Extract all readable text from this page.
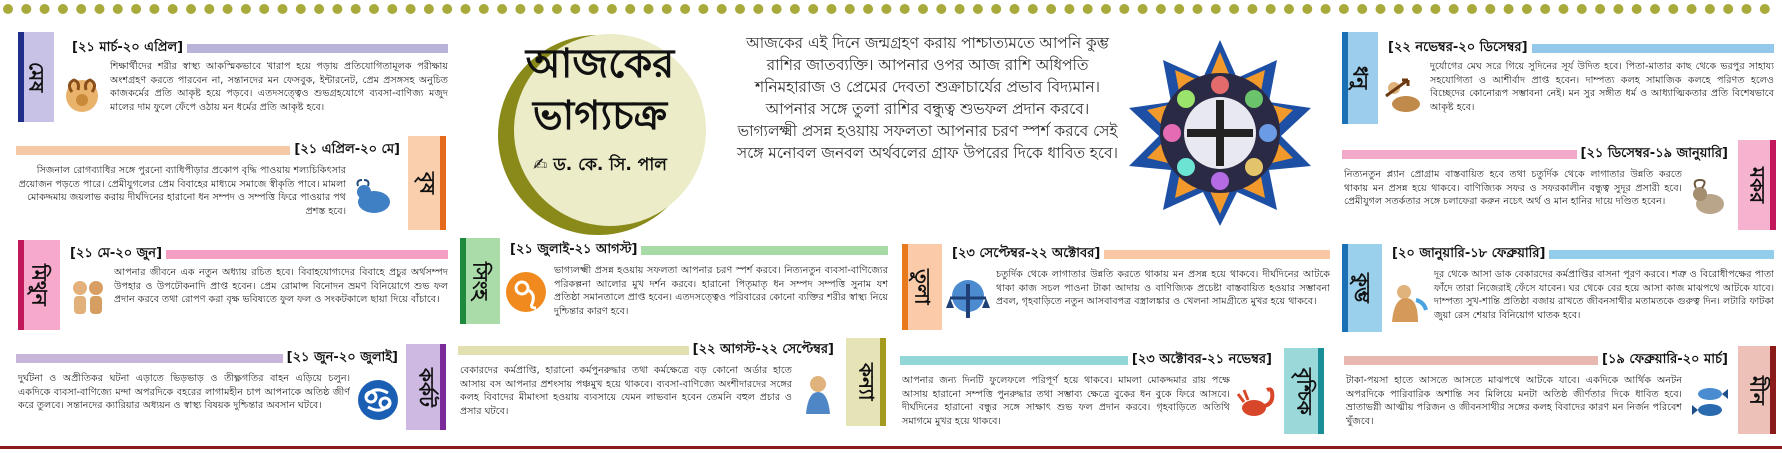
মেষ
[২১ মার্চ-২০ এপ্রিল]
শিক্ষার্থীদের শরীর স্বাস্থ্য আকস্মিকভাবে খারাপ হয়ে পড়ায় প্রতিযোগিতামূলক পরীক্ষায় অংশগ্রহণ করতে পারবেন না, সন্তানদের মন ফেসবুক, ইন্টারনেট, প্রেম প্রসঙ্গসহ অনুচিত কাজকর্মের প্রতি আকৃষ্ট হয়ে পড়বে। এতদসত্ত্বেও শুভগ্রহযোগে ব্যবসা-বাণিজ্য মজুদ মালের দাম ফুলে ফেঁপে ওঠায় মন ধর্মের প্রতি আকৃষ্ট হবে।
[২১ এপ্রিল-২০ মে]
বৃষ
সিজনাল রোগব্যাধির সঙ্গে পুরনো ব্যাধিপীড়ার প্রকোপ বৃদ্ধি পাওয়ায় শল্যচিকিৎসার প্রয়োজন পড়তে পারে। প্রেমীযুগলের প্রেম বিবাহের মাধ্যমে সমাজে স্বীকৃতি পাবে। মামলা মোকদ্দমায় জয়লাভ করায় দীর্ঘদিনের হারানো ধন সম্পদ ও সম্পত্তি ফিরে পাওয়ার পথ প্রশস্ত হবে।
মিথুন
[২১ মে-২০ জুন]
আপনার জীবনে এক নতুন অধ্যায় রচিত হবে। বিবাহযোগ্যদের বিবাহে প্রচুর অর্থসম্পদ উপহার ও উপঢৌকনাদি প্রাপ্ত হবেন। প্রেম রোমান্স বিনোদন ভ্রমণ বিনিয়োগে শুভ ফল প্রদান করবে তথা রোপণ করা বৃক্ষ ভবিষ্যতে ফুল ফল ও সংকটকালে ছায়া দিয়ে বাঁচাবে।
[২১ জুন-২০ জুলাই]
কর্কট
দুর্ঘটনা ও অপ্রীতিকর ঘটনা এড়াতে ভিড়ভাড় ও তীক্ষ্ণগতির বাহন এড়িয়ে চলুন। একদিকে ব্যবসা-বাণিজ্যে মন্দা অপরদিকে বহরের লাগামহীন চাপ আপনাকে অতিষ্ঠ জীর্ণ করে তুলবে। সন্তানদের ক্যারিয়ার অধ্যয়ন ও স্বাস্থ্য বিষয়ক দুশ্চিন্তার অবসান ঘটবে।
আজকের
ভাগ্যচক্র
✍ ড. কে. সি. পাল
আজকের এই দিনে জন্মগ্রহণ করায় পাশ্চাত্যমতে আপনি কুম্ভ রাশির জাতব্যক্তি। আপনার ওপর আজ রাশি অধিপতি শনিমহারাজ ও প্রেমের দেবতা শুক্রাচার্যের প্রভাব বিদ্যমান। আপনার সঙ্গে তুলা রাশির বন্ধুত্ব শুভফল প্রদান করবে। ভাগ্যলক্ষ্মী প্রসন্ন হওয়ায় সফলতা আপনার চরণ স্পর্শ করবে সেই সঙ্গে মনোবল জনবল অর্থবলের গ্রাফ উপরের দিকে ধাবিত হবে।
সিংহ
[২১ জুলাই-২১ আগস্ট]
ভাগ্যলক্ষ্মী প্রসন্ন হওয়ায় সফলতা আপনার চরণ স্পর্শ করবে। নিত্যনতুন ব্যবসা-বাণিজ্যের পরিকল্পনা আলোর মুখ দর্শন করবে। হারানো পিতৃমাতৃ ধন সম্পদ সম্পত্তি সুনাম যশ প্রতিষ্ঠা সমানতালে প্রাপ্ত হবেন। এতদসত্ত্বেও পরিবারের কোনো ব্যক্তির শরীর স্বাস্থ্য নিয়ে দুশ্চিন্তার কারণ হবে।
[২২ আগস্ট-২২ সেপ্টেম্বর]
কন্যা
বেকারদের কর্মপ্রাপ্তি, হারানো কর্মপুনরুদ্ধার তথা কর্মক্ষেত্রে বড় কোনো অর্ডার হাতে আসায় বস আপনার প্রশংসায় পঞ্চমুখ হয়ে থাকবে। ব্যবসা-বাণিজ্যে অংশীদারদের সঙ্গের কলহ বিবাদের মীমাংসা হওয়ায় ব্যবসায়ে যেমন লাভবান হবেন তেমনি বহুল প্রচার ও প্রসার ঘটবে।
তুলা
[২৩ সেপ্টেম্বর-২২ অক্টোবর]
চতুর্দিক থেকে লাগাতার উন্নতি করতে থাকায় মন প্রসন্ন হয়ে থাকবে। দীর্ঘদিনের আটকে থাকা কাজ সচল পাওনা টাকা আদায় ও বাণিজ্যিক প্রচেষ্টা বাস্তবায়িত হওয়ার সম্ভাবনা প্রবল, গৃহবাড়িতে নতুন আসবাবপত্র বস্ত্রালঙ্কার ও খেলনা সামগ্রীতে মুখর হয়ে থাকবে।
[২৩ অক্টোবর-২১ নভেম্বর]
বৃশ্চিক
আপনার জন্য দিনটি ফুলেফলে পরিপূর্ণ হয়ে থাকবে। মামলা মোকদ্দমার রায় পক্ষে আসায় হারানো সম্পত্তি পুনরুদ্ধার তথা সম্ভাব্য ক্ষেত্রে বুকের ধন বুকে ফিরে আসবে। দীর্ঘদিনের হারানো বন্ধুর সঙ্গে সাক্ষাৎ শুভ ফল প্রদান করবে। গৃহবাড়িতে অতিথি সমাগমে মুখর হয়ে থাকবে।
ধনু
[২২ নভেম্বর-২০ ডিসেম্বর]
দুর্যোগের মেঘ সরে গিয়ে সুদিনের সূর্য উদিত হবে। পিতা-মাতার কাছ থেকে ভরপুর সাহায্য সহযোগিতা ও আশীর্বাদ প্রাপ্ত হবেন। দাম্পত্য কলহ সামাজিক কলহে পরিণত হলেও বিচ্ছেদের কোনোরূপ সম্ভাবনা নেই। মন সুর সঙ্গীত ধর্ম ও আধ্যাত্মিকতার প্রতি বিশেষভাবে আকৃষ্ট হবে।
[২১ ডিসেম্বর-১৯ জানুয়ারি]
মকর
নিত্যনতুন প্ল্যান প্রোগ্রাম বাস্তবায়িত হবে তথা চতুর্দিক থেকে লাগাতার উন্নতি করতে থাকায় মন প্রসন্ন হয়ে থাকবে। বাণিজ্যিক সফর ও সফরকালীন বন্ধুত্ব সুদূর প্রসারী হবে। প্রেমীযুগল সতর্কতার সঙ্গে চলাফেরা করুন নচেৎ অর্থ ও মান হানির দায়ে দণ্ডিত হবেন।
কুম্ভ
[২০ জানুয়ারি-১৮ ফেব্রুয়ারি]
দূর থেকে আসা ডাক বেকারদের কর্মপ্রাপ্তির বাসনা পূরণ করবে। শত্রু ও বিরোধীপক্ষের পাতা ফাঁদে তারা নিজেরাই ফেঁসে যাবেন। ঘর থেকে বের হয়ে আসা কাজ মাঝপথে আটকে যাবে। দাম্পত্য সুখ-শান্তি প্রতিষ্ঠা বজায় রাখতে জীবনসাথীর মতামতকে গুরুত্ব দিন। লটারি ফাটকা জুয়া রেস শেয়ার বিনিয়োগ ঘাতক হবে।
[১৯ ফেব্রুয়ারি-২০ মার্চ]
মীন
টাকা-পয়সা হাতে আসতে আসতে মাঝপথে আটকে যাবে। একদিকে আর্থিক অনটন অপরদিকে পারিবারিক অশান্তি সব মিলিয়ে মনটা অতিষ্ঠ জীর্ণতার দিকে ধাবিত হবে। ভ্রাতাভগ্নী আত্মীয় পরিজন ও জীবনসাথীর সঙ্গের কলহ বিবাদের কারণ মন নির্জন পরিবেশ খুঁজবে।
